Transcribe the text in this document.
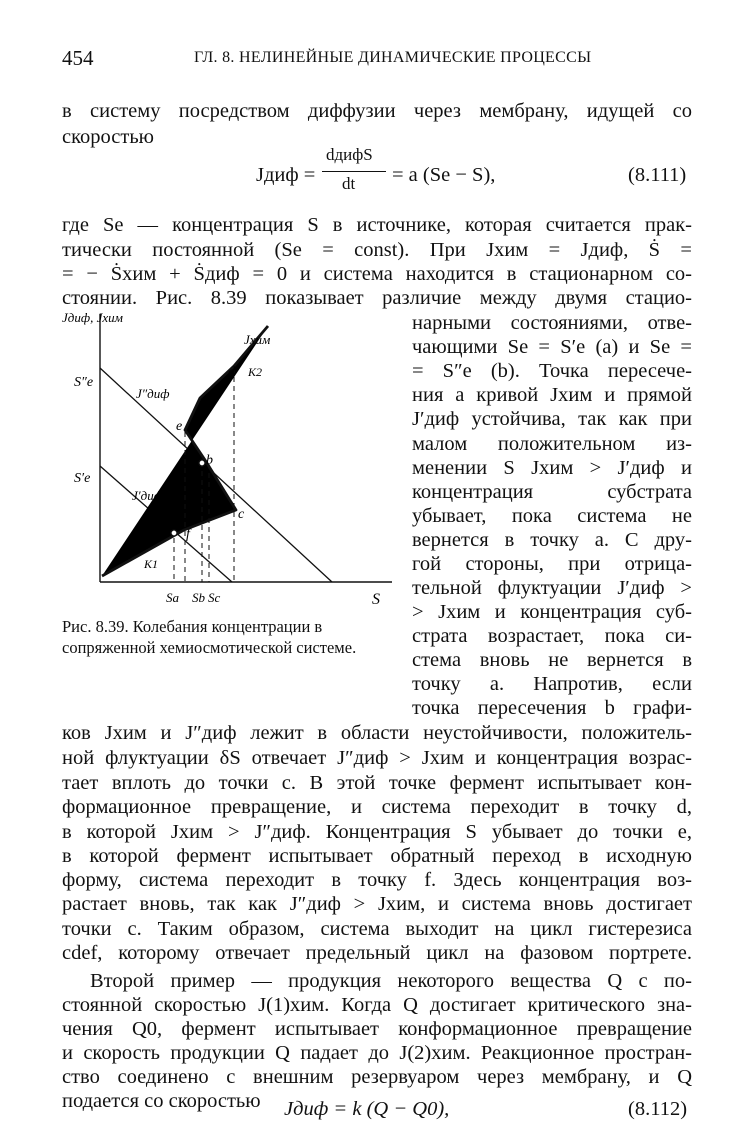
454	ГЛ. 8. НЕЛИНЕЙНЫЕ ДИНАМИЧЕСКИЕ ПРОЦЕССЫ
в систему посредством диффузии через мембрану, идущей со
скоростью
Jдиф =
dдифS
dt = a (Se − S),	(8.111)
где Se — концентрация S в источнике, которая считается прак-
тически постоянной (Se = const). При Jхим = Jдиф, Ṡ =
= − Ṡхим + Ṡдиф = 0 и система находится в стационарном со-
стоянии. Рис. 8.39 показывает различие между двумя стацио-
нарными состояниями, отве-
чающими Se = S′e (a) и Se =
= S″e (b). Точка пересече-
ния a кривой Jхим и прямой
J′диф устойчива, так как при
малом положительном из-
менении S Jхим > J′диф и
концентрация субстрата
убывает, пока система не
вернется в точку a. С дру-
гой стороны, при отрица-
тельной флуктуации J′диф >
> Jхим и концентрация суб-
страта возрастает, пока си-
стема вновь не вернется в
точку a. Напротив, если
точка пересечения b графи-
Jдиф, Jхим
S
S″e
S′e
Sa Sb Sc
Jхим
J″диф
J′диф
K1
K2
a
b
c
d
e
f
Рис. 8.39. Колебания концентрации в сопряженной хемиосмотической системе.
ков Jхим и J″диф лежит в области неустойчивости, положитель-
ной флуктуации δS отвечает J″диф > Jхим и концентрация возрас-
тает вплоть до точки c. В этой точке фермент испытывает кон-
формационное превращение, и система переходит в точку d,
в которой Jхим > J″диф. Концентрация S убывает до точки e,
в которой фермент испытывает обратный переход в исходную
форму, система переходит в точку f. Здесь концентрация воз-
растает вновь, так как J″диф > Jхим, и система вновь достигает
точки c. Таким образом, система выходит на цикл гистерезиса
cdef, которому отвечает предельный цикл на фазовом портрете.
Второй пример — продукция некоторого вещества Q с по-
стоянной скоростью J(1)хим. Когда Q достигает критического зна-
чения Q0, фермент испытывает конформационное превращение
и скорость продукции Q падает до J(2)хим. Реакционное простран-
ство соединено с внешним резервуаром через мембрану, и Q
подается со скоростью	Jдиф = k (Q − Q0),	(8.112)
